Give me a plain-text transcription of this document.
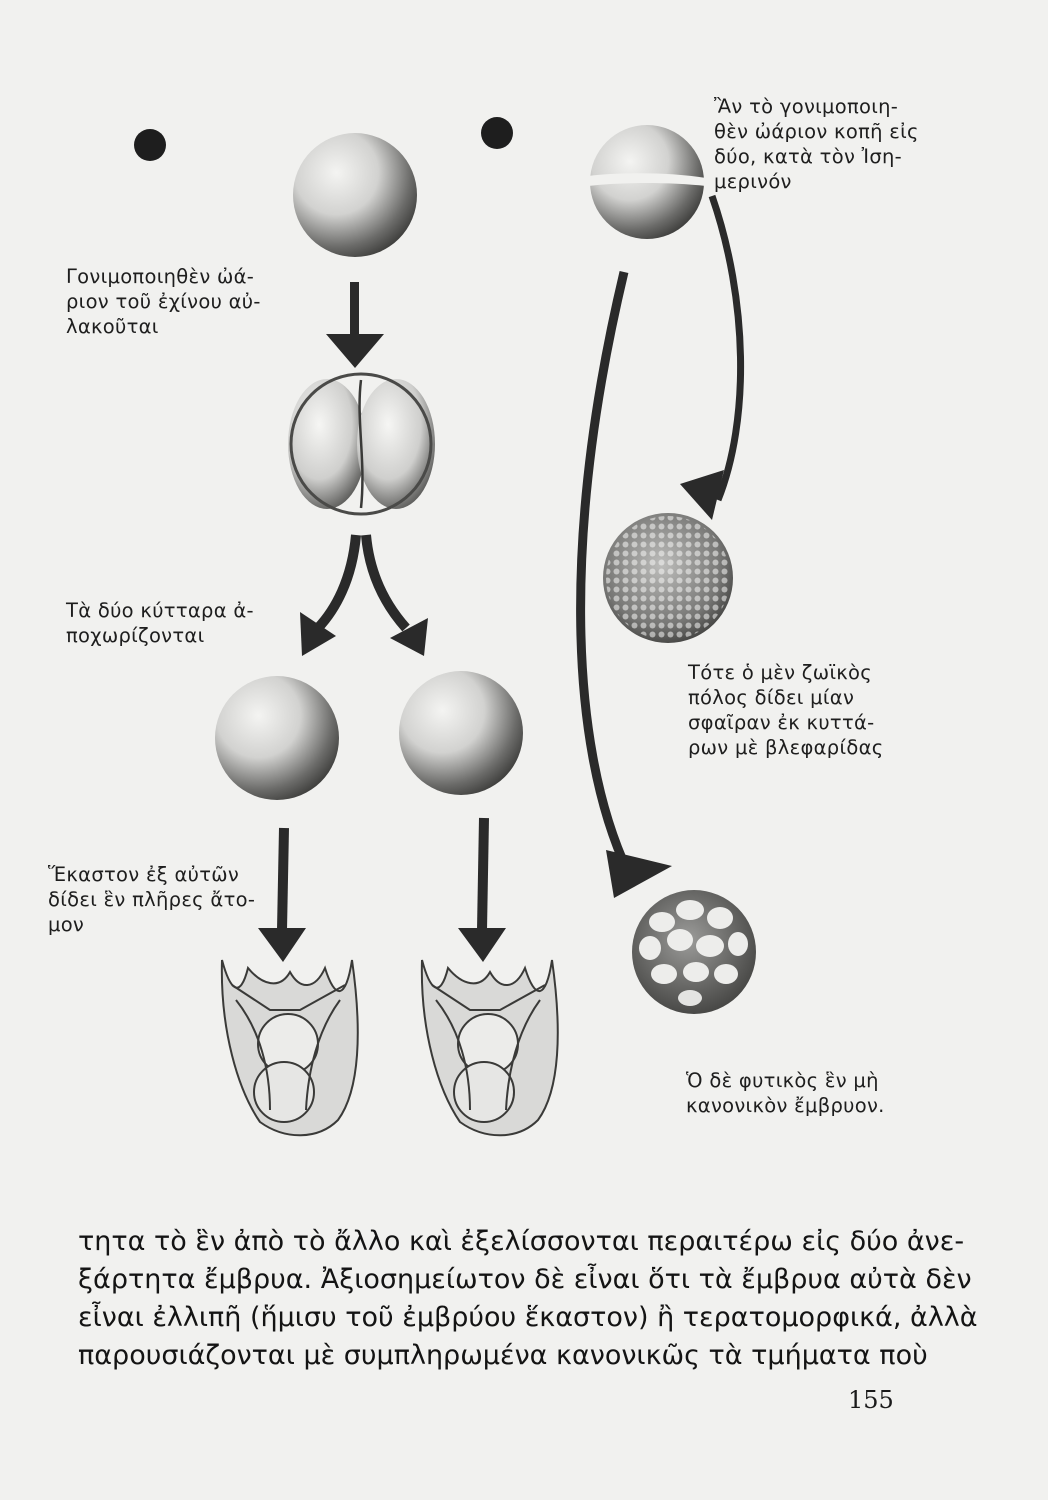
Ἂν τὸ γονιμοποιη-
θὲν ὠάριον κοπῆ εἰς
δύο, κατὰ τὸν Ἰση-
μερινόν
Γονιμοποιηθὲν ὠά-
ριον τοῦ ἐχίνου αὐ-
λακοῦται
Τὰ δύο κύτταρα ἀ-
ποχωρίζονται
Τότε ὁ μὲν ζωϊκὸς
πόλος δίδει μίαν
σφαῖραν ἐκ κυττά-
ρων μὲ βλεφαρίδας
Ἕκαστον ἐξ αὐτῶν
δίδει ἓν πλῆρες ἄτο-
μον
Ὁ δὲ φυτικὸς ἓν μὴ
κανονικὸν ἔμβρυον.
τητα τὸ ἓν ἀπὸ τὸ ἄλλο καὶ ἐξελίσσονται περαιτέρω εἰς δύο ἀνε-
ξάρτητα ἔμβρυα. Ἀξιοσημείωτον δὲ εἶναι ὅτι τὰ ἔμβρυα αὐτὰ δὲν
εἶναι ἐλλιπῆ (ἥμισυ τοῦ ἐμβρύου ἕκαστον) ἢ τερατομορφικά, ἀλλὰ
παρουσιάζονται μὲ συμπληρωμένα κανονικῶς τὰ τμήματα ποὺ
155
